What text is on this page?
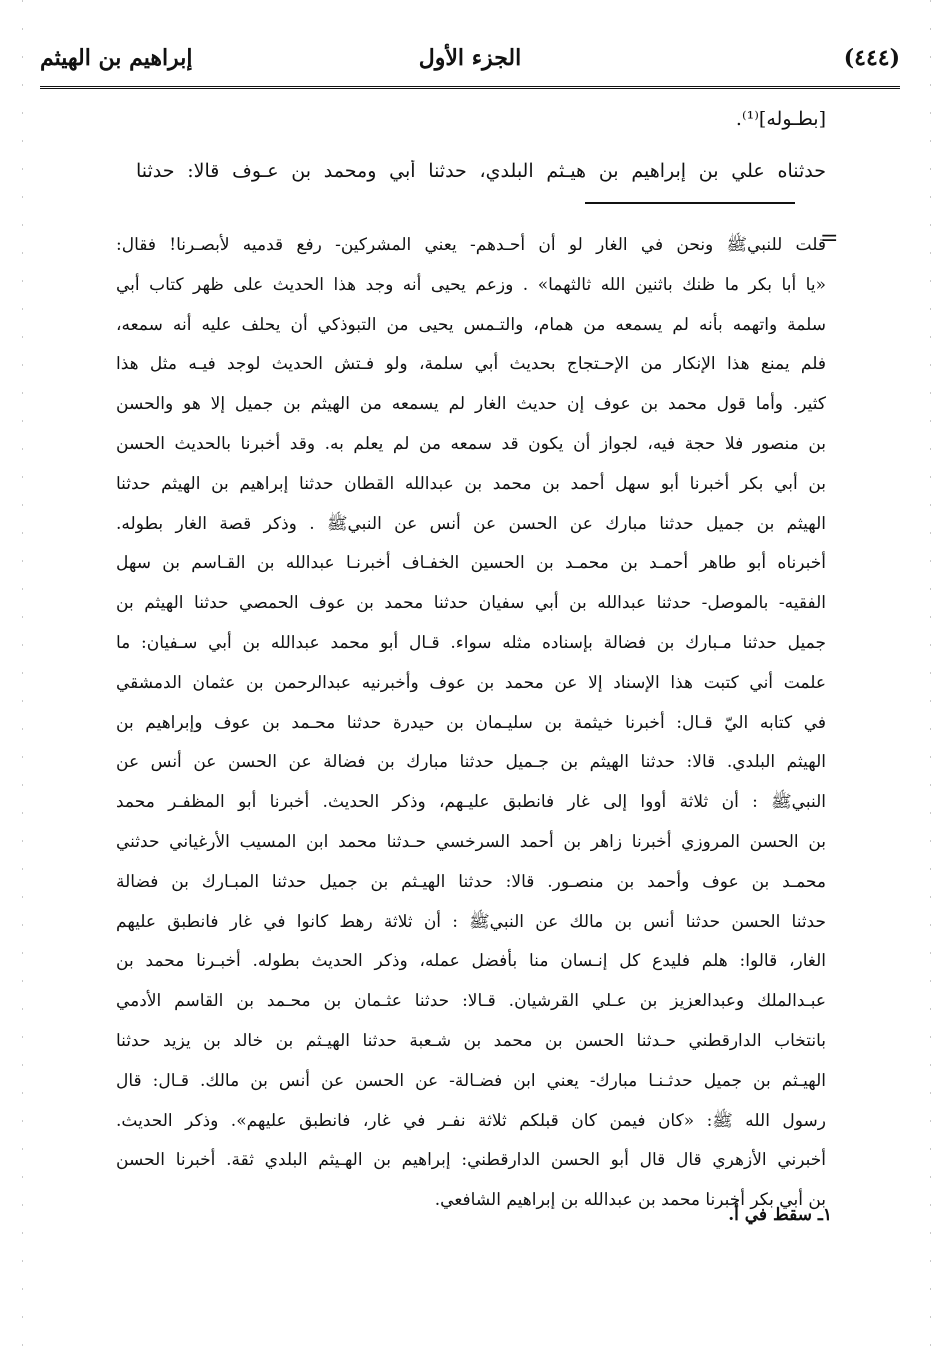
(٤٤٤)
الجزء الأول
إبراهيم بن الهيثم
[بطـوله]⁽¹⁾.
حدثناه علي بن إبراهيم بن هيـثم البلدي، حدثنا أبي ومحمد بن عـوف قالا: حدثنا
=

قلت للنبيﷺ ونحن في الغار لو أن أحـدهم- يعني المشركين- رفع قدميه لأبصـرنا! فقال:

«يا أبا بكر ما ظنك باثنين الله ثالثهما» . وزعم يحيى أنه وجد هذا الحديث على ظهر كتاب أبي

سلمة واتهمه بأنه لم يسمعه من همام، والتـمس يحيى من التبوذكي أن يحلف عليه أنه سمعه،

فلم يمنع هذا الإنكار من الإحـتجاج بحديث أبي سلمة، ولو فـتش الحديث لوجد فيـه مثل هذا

كثير. وأما قول محمد بن عوف إن حديث الغار لم يسمعه من الهيثم بن جميل إلا هو والحسن

بن منصور فلا حجة فيه، لجواز أن يكون قد سمعه من لم يعلم به. وقد أخبرنا بالحديث الحسن

بن أبي بكر أخبرنا أبو سهل أحمد بن محمد بن عبدالله القطان حدثنا إبراهيم بن الهيثم حدثنا

الهيثم بن جميل حدثنا مبارك عن الحسن عن أنس عن النبيﷺ . وذكر قصة الغار بطوله.

أخبرناه أبو طاهر أحمـد بن محمـد بن الحسين الخفـاف أخبرنـا عبدالله بن القـاسم بن سهل

الفقيه- بالموصل- حدثنا عبدالله بن أبي سفيان حدثنا محمد بن عوف الحمصي حدثنا الهيثم بن

جميل حدثنا مـبارك بن فضالة بإسناده مثله سواء. قـال أبو محمد عبدالله بن أبي سـفيان: ما

علمت أني كتبت هذا الإسناد إلا عن محمد بن عوف وأخبرنيه عبدالرحمن بن عثمان الدمشقي

في كتابه اليّ قـال: أخبرنا خيثمة بن سليـمان بن حيدرة حدثنا محـمد بن عوف وإبراهيم بن

الهيثم البلدي. قالا: حدثنا الهيثم بن جـميل حدثنا مبارك بن فضالة عن الحسن عن أنس عن

النبيﷺ : أن ثلاثة أووا إلى غار فانطبق عليـهم، وذكر الحديث. أخبرنا أبو المظفـر محمد

بن الحسن المروزي أخبرنا زاهر بن أحمد السرخسي حـدثنا محمد ابن المسيب الأرغياني حدثني

محمـد بن عوف وأحمد بن منصـور. قالا: حدثنا الهيـثم بن جميل حدثنا المبـارك بن فضالة

حدثنا الحسن حدثنا أنس بن مالك عن النبيﷺ : أن ثلاثة رهط كانوا في غار فانطبق عليهم

الغار، قالوا: هلم فليدع كل إنـسان منا بأفضل عمله، وذكر الحديث بطوله. أخبـرنا محمد بن

عبـدالملك وعبدالعزيز بن عـلي القرشيان. قـالا: حدثنا عثـمان بن محـمد بن القاسم الأدمي

بانتخاب الدارقطني حـدثنا الحسن بن محمد بن شـعبة حدثنا الهيـثم بن خالد بن يزيد حدثنا

الهيـثم بن جميل حدثـنـا مبارك- يعني ابن فضـالة- عن الحسن عن أنس بن مالك. قـال: قال

رسول الله ﷺ: «كان فيمن كان قبلكم ثلاثة نفـر في غار، فانطبق عليهم». وذكر الحديث.

أخبرني الأزهري قال قال أبو الحسن الدارقطني: إبراهيم بن الهـيثم البلدي ثقة. أخبرنا الحسن

بن أبي بكر أخبرنا محمد بن عبدالله بن إبراهيم الشافعي.

١ـ سقط في أ.
